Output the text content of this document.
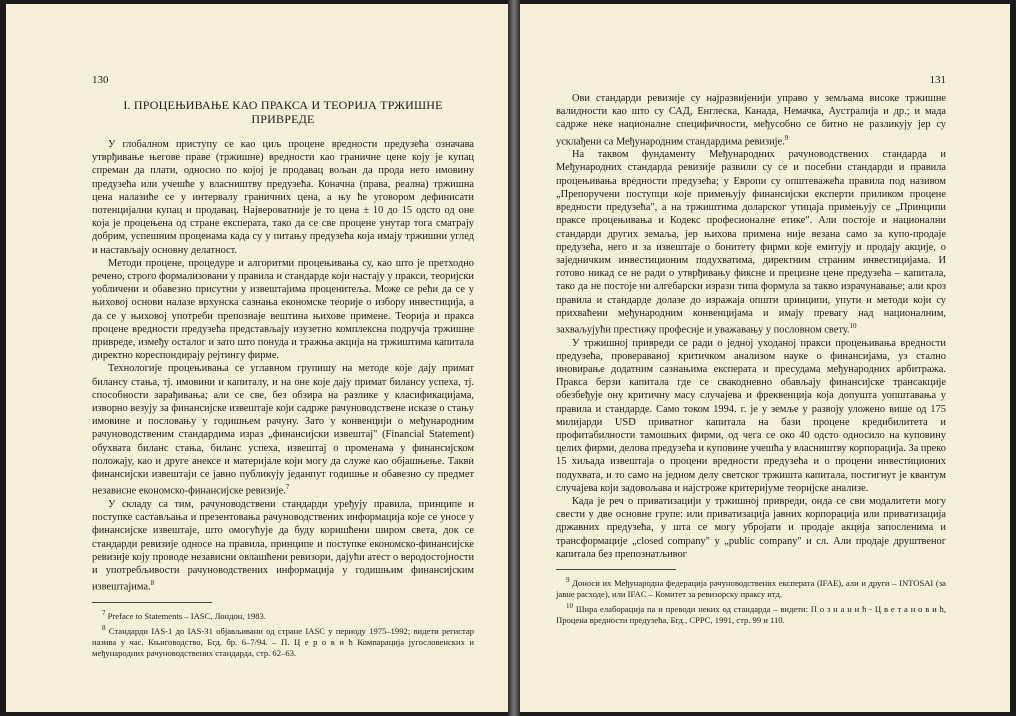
130
I. ПРОЦЕЊИВАЊЕ КАО ПРАКСА И ТЕОРИЈА ТРЖИШНЕ ПРИВРЕДЕ

У глобалном приступу се као циљ процене вредности предузећа означава утврђивање његове праве (тржишне) вредности као граничне цене коју је купац спреман да плати, односно по којој је продавац вољан да прода нето имовину предузећа или учешће у власништву предузећа. Коначна (права, реална) тржишна цена налазиће се у интервалу граничних цена, а њу ће уговором дефинисати потенцијални купац и продавац. Највероватније је то цена ± 10 до 15 одсто од оне која је процењена од стране експерата, тако да се све процене унутар тога сматрају добрим, успешним проценама када су у питању предузећа која имају тржишни углед и настављају основну делатност.

Методи процене, процедуре и алгоритми процењивања су, као што је претходно речено, строго формализовани у правила и стандарде који настају у пракси, теоријски уобличени и обавезно присутни у извештајима проценитеља. Може се рећи да се у њиховој основи налазе врхунска сазнања економске теорије о избору инвестиција, а да се у њиховој употреби препознаје вештина њихове примене. Теорија и пракса процене вредности предузећа представљају изузетно комплексна подручја тржишне привреде, између осталог и зато што понуда и тражња акција на тржиштима капитала директно кореспондирају рејтингу фирме.

Технологије процењивања се углавном групишу на методе које дају примат билансу стања, тј. имовини и капиталу, и на оне које дају примат билансу успеха, тј. способности зарађивања; али се све, без обзира на разлике у класификацијама, изворно везују за финансијске извештаје који садрже рачуноводствене исказе о стању имовине и пословању у годишњем рачуну. Зато у конвенцији о међународним рачуноводственим стандардима израз „финансијски извештај" (Financial Statement) обухвата биланс стања, биланс успеха, извештај о променама у финансијском положају, као и друге анексе и материјале који могу да служе као објашњење. Такви финансијски извештаји се јавно публикују једанпут годишње и обавезно су предмет независне економско-финансијске ревизије.$^7$

У складу са тим, рачуноводствени стандарди уређују правила, принципе и поступке састављања и презентовања рачуноводствених информација које се уносе у финансијске извештаје, што омогућује да буду коришћени широм света, док се стандарди ревизије односе на правила, принципе и поступке економско-финансијске ревизије коју проводе независни овлашћени ревизори, дајући атест о веродостојности и употребљивости рачуноводствених информација у годишњим финансијским извештајима.$^8$

$^7$ Preface to Statements – IASC, Лондон, 1983.

$^8$ Стандарди IAS-1 до IAS-31 објављивани од стране IASC у периоду 1975–1992; видети регистар назива у час. Књиговодство, Бгд. бр. 6–7/94. – П. Ц е р о в и ћ Компарација југословенских и међународних рачуноводствених стандарда, стр. 62–63.

131

Ови стандарди ревизије су најразвијенији управо у земљама високе тржишне валидности као што су САД, Енглеска, Канада, Немачка, Аустралија и др.; и мада садрже неке националне специфичности, међусобно се битно не разликују јер су усклађени са Међународним стандардима ревизије.$^9$

На таквом фундаменту Међународних рачуноводствених стандарда и Међународних стандарда ревизије развили су се и посебни стандарди и правила процењивања вредности предузећа; у Европи су општеважећа правила под називом „Препоручени поступци које примењују финансијски експерти приликом процене вредности предузећа", а на тржиштима доларског утицаја примењују се „Принципи праксе процењивања и Кодекс професионалне етике". Али постоје и национални стандарди других земаља, јер њихова примена није везана само за купо-продаје предузећа, него и за извештаје о бонитету фирми које емитују и продају акције, о заједничким инвестиционим подухватима, директним страним инвестицијама. И готово никад се не ради о утврђивању фиксне и прецизне цене предузећа – капитала, тако да не постоје ни алгебарски изрази типа формула за такво израчунавање; али кроз правила и стандарде долазе до изражаја општи принципи, упути и методи који су прихваћени међународним конвенцијама и имају превагу над националним, захваљујући престижу професије и уважавању у пословном свету.$^{10}$

У тржишној привреди се ради о једној уходаној пракси процењивања вредности предузећа, провераваној критичком анализом науке о финансијама, уз стално иновирање додатним сазнањима експерата и пресудама међународних арбитража. Пракса берзи капитала где се свакодневно обављају финансијске трансакције обезбеђује ону критичну масу случајева и фреквенција која допушта уопштавања у правила и стандарде. Само током 1994. г. је у земље у развоју уложено више од 175 милијарди USD приватног капитала на бази процене кредибилитета и профитабилности тамошњих фирми, од чега се око 40 одсто односило на куповину целих фирми, делова предузећа и куповине учешћа у власништву корпорација. За преко 15 хиљада извештаја о процени вредности предузећа и о процени инвестиционих подухвата, и то само на једном делу светског тржишта капитала, постигнут је квантум случајева који задовољава и најстроже критеријуме теоријске анализе.

Када је реч о приватизацији у тржишној привреди, онда се сви модалитети могу свести у две основне групе: или приватизација јавних корпорација или приватизација државних предузећа, у шта се могу убројати и продаје акција запосленима и трансформације „closed company" у „public company" и сл. Али продаје друштвеног капитала без препознатљивог

$^9$ Доноси их Међународна федерација рачуноводствених експерата (IFAE), али и други – INTOSAI (за јавне расходе), или IFAC – Комитет за ревизорску праксу итд.

$^{10}$ Шира елаборација па и преводи неких од стандарда – видети: П о з н а н и ћ - Ц в е т а н о в и ћ, Процена вредности предузећа, Бгд., СРРС, 1991, стр. 99 и 110.
